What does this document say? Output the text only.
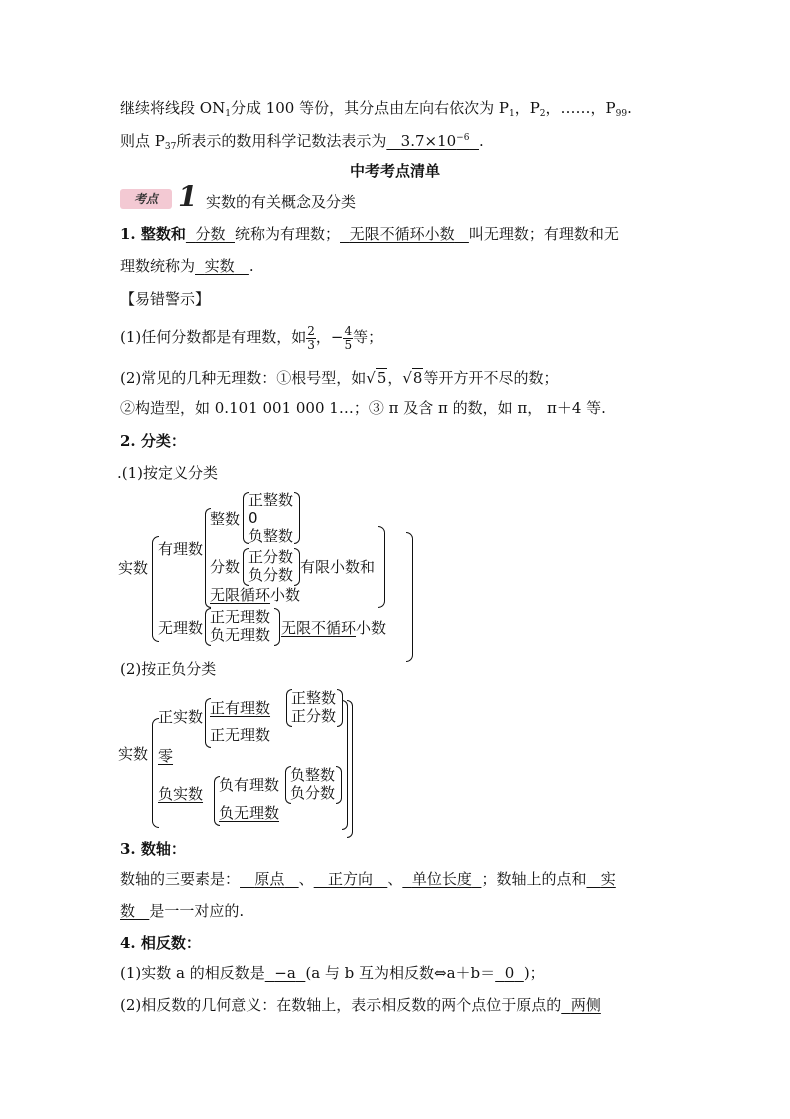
继续将线段 $ON_1$分成 100 等份，其分点由左向右依次为 $P_1$，$P_2$，……，$P_{99}$.
则点 $P_{37}$所表示的数用科学记数法表示为 $3.7\times 10^{-6}$ .
中考考点清单
考点 1 实数的有关概念及分类
1. 整数和 分数 统称为有理数； 无限不循环小数 叫无理数；有理数和无
理数统称为 实数 .
【易错警示】
(1)任何分数都是有理数，如 $\frac{2}{3}$ ，− $\frac{4}{5}$ 等；
(2)常见的几种无理数：①根号型，如√5，√8等开方开不尽的数；
②构造型，如 0.101 001 000 1…；③ π 及含 π 的数，如 π， π＋4 等.
2. 分类：
.(1)按定义分类
实数
有理数
整数
正整数
0
负整数
分数
正分数
负分数 有限小数和
无限循环小数
无理数
正无理数
负无理数 无限不循环小数
(2)按正负分类
实数
正实数 正有理数
正整数
正分数
正无理数
零
负实数	负有理数
负整数
负分数
负无理数
3. 数轴：
数轴的三要素是： 原点 、 正方向 、 单位长度 ；数轴上的点和 实
数 是一一对应的.
4. 相反数：
(1)实数 a 的相反数是 −a (a 与 b 互为相反数⇔a＋b＝ 0 )；
(2)相反数的几何意义：在数轴上，表示相反数的两个点位于原点的 两侧
